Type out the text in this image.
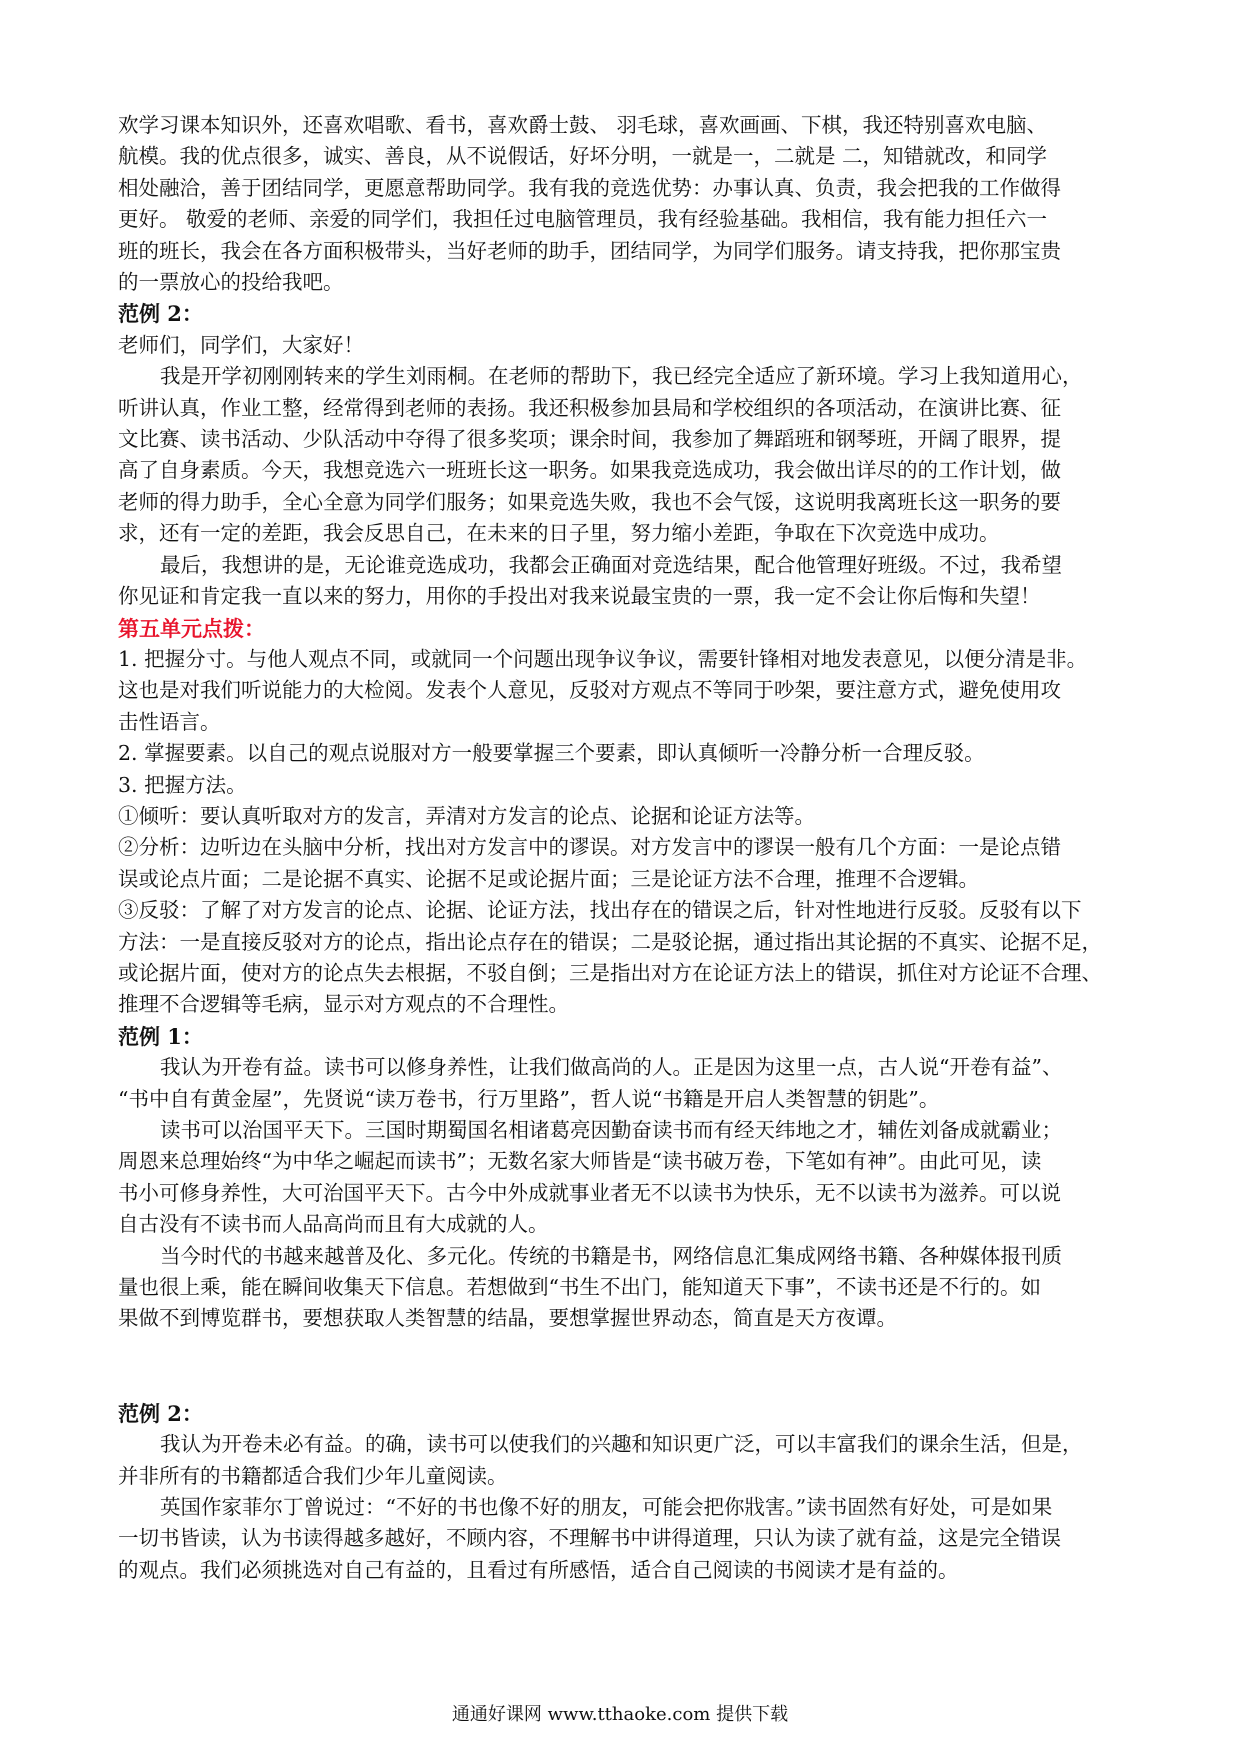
欢学习课本知识外，还喜欢唱歌、看书，喜欢爵士鼓、 羽毛球，喜欢画画、下棋，我还特别喜欢电脑、

航模。我的优点很多，诚实、善良，从不说假话，好坏分明，一就是一，二就是 二，知错就改，和同学

相处融洽，善于团结同学，更愿意帮助同学。我有我的竞选优势：办事认真、负责，我会把我的工作做得

更好。 敬爱的老师、亲爱的同学们，我担任过电脑管理员，我有经验基础。我相信，我有能力担任六一

班的班长，我会在各方面积极带头，当好老师的助手，团结同学，为同学们服务。请支持我，把你那宝贵

的一票放心的投给我吧。

范例 2：

老师们，同学们，大家好！

我是开学初刚刚转来的学生刘雨桐。在老师的帮助下，我已经完全适应了新环境。学习上我知道用心，

听讲认真，作业工整，经常得到老师的表扬。我还积极参加县局和学校组织的各项活动，在演讲比赛、征

文比赛、读书活动、少队活动中夺得了很多奖项；课余时间，我参加了舞蹈班和钢琴班，开阔了眼界，提

高了自身素质。今天，我想竞选六一班班长这一职务。如果我竞选成功，我会做出详尽的的工作计划，做

老师的得力助手，全心全意为同学们服务；如果竞选失败，我也不会气馁，这说明我离班长这一职务的要

求，还有一定的差距，我会反思自己，在未来的日子里，努力缩小差距，争取在下次竞选中成功。

最后，我想讲的是，无论谁竞选成功，我都会正确面对竞选结果，配合他管理好班级。不过，我希望

你见证和肯定我一直以来的努力，用你的手投出对我来说最宝贵的一票，我一定不会让你后悔和失望！

第五单元点拨：

1. 把握分寸。与他人观点不同，或就同一个问题出现争议争议，需要针锋相对地发表意见，以便分清是非。

这也是对我们听说能力的大检阅。发表个人意见，反驳对方观点不等同于吵架，要注意方式，避免使用攻

击性语言。

2. 掌握要素。以自己的观点说服对方一般要掌握三个要素，即认真倾听一冷静分析一合理反驳。

3. 把握方法。

①倾听：要认真听取对方的发言，弄清对方发言的论点、论据和论证方法等。

②分析：边听边在头脑中分析，找出对方发言中的谬误。对方发言中的谬误一般有几个方面：一是论点错

误或论点片面；二是论据不真实、论据不足或论据片面；三是论证方法不合理，推理不合逻辑。

③反驳：了解了对方发言的论点、论据、论证方法，找出存在的错误之后，针对性地进行反驳。反驳有以下

方法：一是直接反驳对方的论点，指出论点存在的错误；二是驳论据，通过指出其论据的不真实、论据不足，

或论据片面，使对方的论点失去根据，不驳自倒；三是指出对方在论证方法上的错误，抓住对方论证不合理、

推理不合逻辑等毛病，显示对方观点的不合理性。

范例 1：

我认为开卷有益。读书可以修身养性，让我们做高尚的人。正是因为这里一点，古人说“开卷有益”、

“书中自有黄金屋”，先贤说“读万卷书，行万里路”，哲人说“书籍是开启人类智慧的钥匙”。

读书可以治国平天下。三国时期蜀国名相诸葛亮因勤奋读书而有经天纬地之才，辅佐刘备成就霸业；

周恩来总理始终“为中华之崛起而读书”；无数名家大师皆是“读书破万卷，下笔如有神”。由此可见，读

书小可修身养性，大可治国平天下。古今中外成就事业者无不以读书为快乐，无不以读书为滋养。可以说

自古没有不读书而人品高尚而且有大成就的人。

当今时代的书越来越普及化、多元化。传统的书籍是书，网络信息汇集成网络书籍、各种媒体报刊质

量也很上乘，能在瞬间收集天下信息。若想做到“书生不出门，能知道天下事”，不读书还是不行的。如

果做不到博览群书，要想获取人类智慧的结晶，要想掌握世界动态，简直是天方夜谭。

范例 2：

我认为开卷未必有益。的确，读书可以使我们的兴趣和知识更广泛，可以丰富我们的课余生活，但是，

并非所有的书籍都适合我们少年儿童阅读。

英国作家菲尔丁曾说过：“不好的书也像不好的朋友，可能会把你戕害。”读书固然有好处，可是如果

一切书皆读，认为书读得越多越好，不顾内容，不理解书中讲得道理，只认为读了就有益，这是完全错误

的观点。我们必须挑选对自己有益的，且看过有所感悟，适合自己阅读的书阅读才是有益的。

通通好课网 www.tthaoke.com 提供下载
